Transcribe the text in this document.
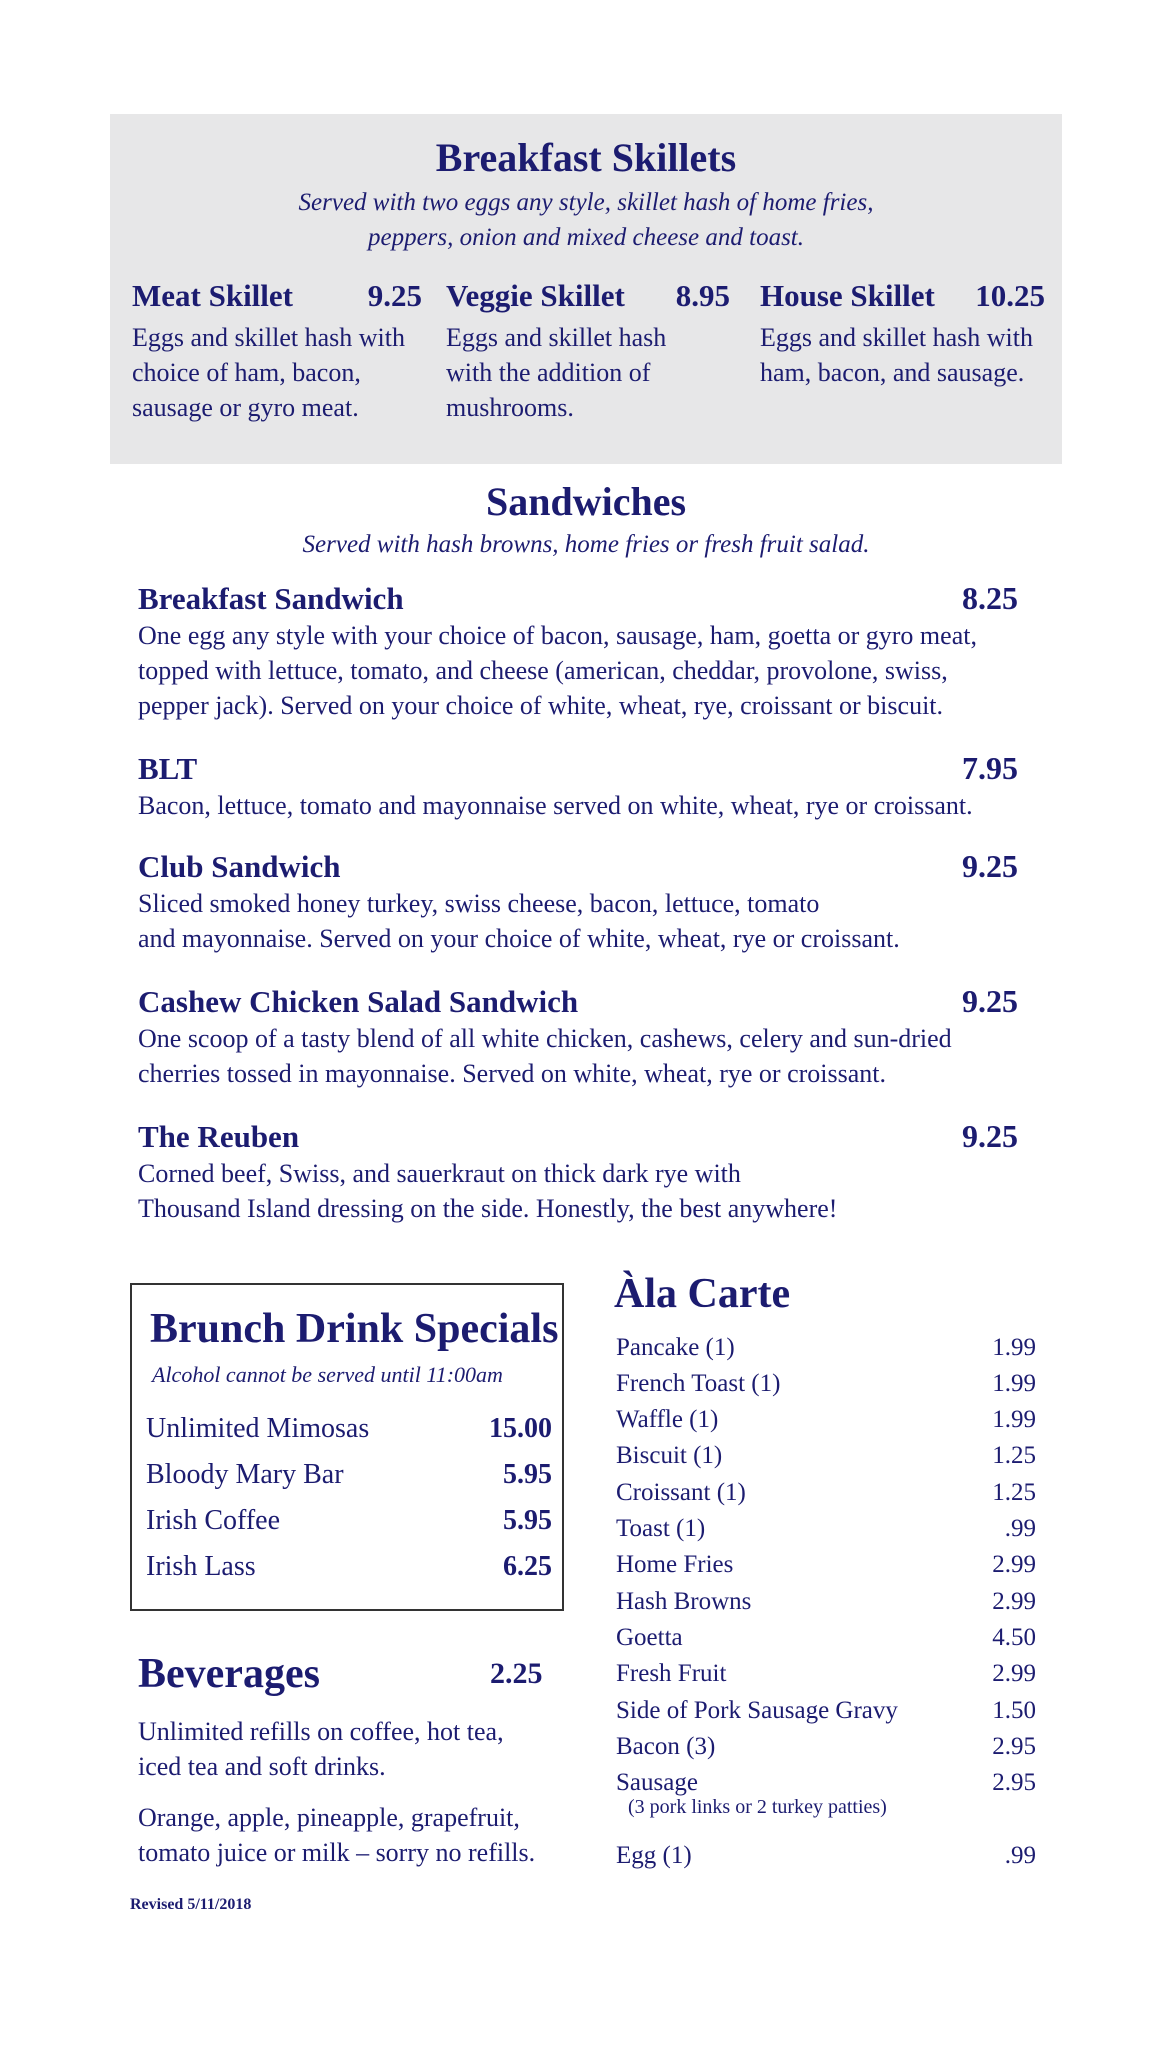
Breakfast Skillets
Served with two eggs any style, skillet hash of home fries,
peppers, onion and mixed cheese and toast.
Meat Skillet 9.25
Eggs and skillet hash with
choice of ham, bacon,
sausage or gyro meat.
Veggie Skillet 8.95
Eggs and skillet hash
with the addition of
mushrooms.
House Skillet 10.25
Eggs and skillet hash with
ham, bacon, and sausage.
Sandwiches
Served with hash browns, home fries or fresh fruit salad.
Breakfast Sandwich	8.25
One egg any style with your choice of bacon, sausage, ham, goetta or gyro meat,
topped with lettuce, tomato, and cheese (american, cheddar, provolone, swiss,
pepper jack). Served on your choice of white, wheat, rye, croissant or biscuit.
BLT	7.95
Bacon, lettuce, tomato and mayonnaise served on white, wheat, rye or croissant.
Club Sandwich	9.25
Sliced smoked honey turkey, swiss cheese, bacon, lettuce, tomato
and mayonnaise. Served on your choice of white, wheat, rye or croissant.
Cashew Chicken Salad Sandwich	9.25
One scoop of a tasty blend of all white chicken, cashews, celery and sun-dried
cherries tossed in mayonnaise. Served on white, wheat, rye or croissant.
The Reuben	9.25
Corned beef, Swiss, and sauerkraut on thick dark rye with
Thousand Island dressing on the side. Honestly, the best anywhere!
Brunch Drink Specials
Alcohol cannot be served until 11:00am
Unlimited Mimosas	15.00
Bloody Mary Bar	5.95
Irish Coffee	5.95
Irish Lass	6.25
Beverages	2.25
Unlimited refills on coffee, hot tea,
iced tea and soft drinks.
Orange, apple, pineapple, grapefruit,
tomato juice or milk – sorry no refills.
Àla Carte
Pancake (1)	1.99
French Toast (1)	1.99
Waffle (1)	1.99
Biscuit (1)	1.25
Croissant (1)	1.25
Toast (1)	.99
Home Fries	2.99
Hash Browns	2.99
Goetta	4.50
Fresh Fruit	2.99
Side of Pork Sausage Gravy	1.50
Bacon (3)	2.95
Sausage	2.95
Egg (1)	.99
(3 pork links or 2 turkey patties)
Revised 5/11/2018
